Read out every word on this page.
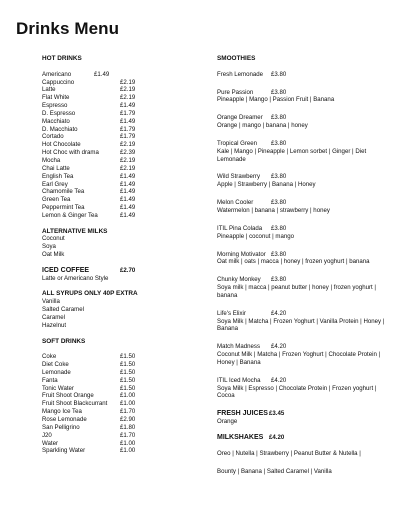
Drinks Menu
HOT DRINKS
Americano	£1.49
Cappuccino	£2.19
Latte	£2.19
Flat White	£2.19
Espresso	£1.49
D. Espresso	£1.79
Macchiato	£1.49
D. Macchiato	£1.79
Cortado	£1.79
Hot Chocolate	£2.19
Hot Choc with drama	£2.39
Mocha	£2.19
Chai Latte	£2.19
English Tea	£1.49
Earl Grey	£1.49
Chamomile Tea	£1.49
Green Tea	£1.49
Peppermint Tea	£1.49
Lemon & Ginger Tea	£1.49
ALTERNATIVE MILKS
Coconut
Soya
Oat Milk
ICED COFFEE	£2.70
Latte or Americano Style
ALL SYRUPS ONLY 40P EXTRA
Vanilla
Salted Caramel
Caramel
Hazelnut
SOFT DRINKS
Coke	£1.50
Diet Coke	£1.50
Lemonade	£1.50
Fanta	£1.50
Tonic Water	£1.50
Fruit Shoot Orange	£1.00
Fruit Shoot Blackcurrant £1.00
Mango Ice Tea	£1.70
Rose Lemonade	£2.90
San Pelligrino	£1.80
J20	£1.70
Water	£1.00
Sparkling Water	£1.00
SMOOTHIES
Fresh Lemonade £3.80
Pure Passion	£3.80
Pineapple | Mango | Passion Fruit | Banana
Orange Dreamer £3.80
Orange | mango | banana | honey
Tropical Green £3.80
Kale | Mango | Pineapple | Lemon sorbet | Ginger | Diet Lemonade
Wild Strawberry £3.80
Apple | Strawberry | Banana | Honey
Melon Cooler	£3.80
Watermelon | banana | strawberry | honey
ITIL Pina Colada £3.80
Pineapple | coconut | mango
Morning Motivator £3.80
Oat milk | oats | macca | honey | frozen yoghurt | banana
Chunky Monkey £3.80
Soya milk | macca | peanut butter | honey | frozen yoghurt | banana
Life's Elixir	£4.20
Soya Milk | Matcha | Frozen Yoghurt | Vanilla Protein | Honey | Banana
Match Madness £4.20
Coconut Milk | Matcha | Frozen Yoghurt | Chocolate Protein | Honey | Banana
ITIL Iced Mocha £4.20
Soya Milk | Espresso | Chocolate Protein | Frozen yoghurt | Cocoa
FRESH JUICES £3.45
Orange
MILKSHAKES £4.20
Oreo | Nutella | Strawberry | Peanut Butter & Nutella |
Bounty | Banana | Salted Caramel | Vanilla
